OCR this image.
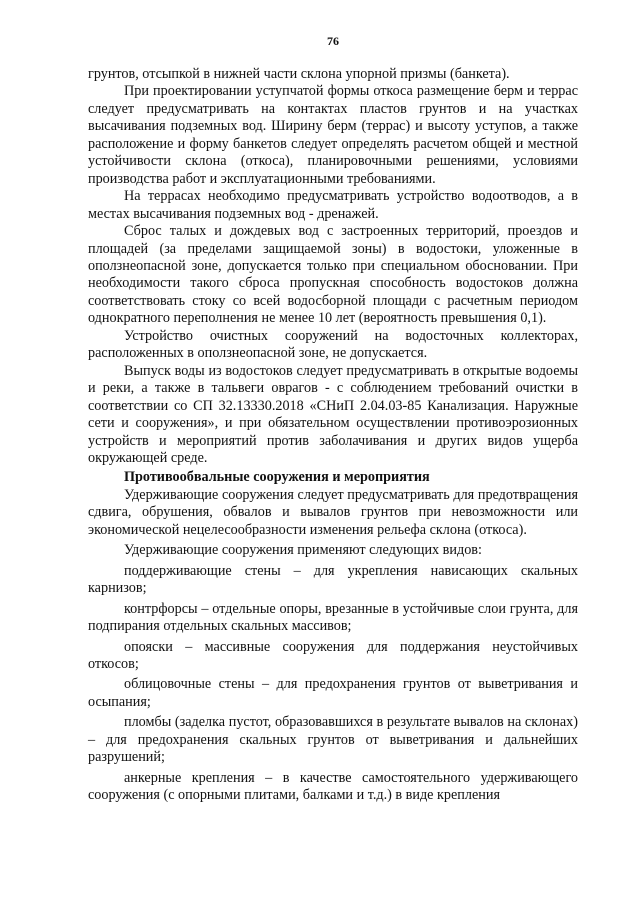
76

грунтов, отсыпкой в нижней части склона упорной призмы (банкета).

При проектировании уступчатой формы откоса размещение берм и террас следует предусматривать на контактах пластов грунтов и на участках высачивания подземных вод. Ширину берм (террас) и высоту уступов, а также расположение и форму банкетов следует определять расчетом общей и местной устойчивости склона (откоса), планировочными решениями, условиями производства работ и эксплуатационными требованиями.

На террасах необходимо предусматривать устройство водоотводов, а в местах высачивания подземных вод - дренажей.

Сброс талых и дождевых вод с застроенных территорий, проездов и площадей (за пределами защищаемой зоны) в водостоки, уложенные в оползнеопасной зоне, допускается только при специальном обосновании. При необходимости такого сброса пропускная способность водостоков должна соответствовать стоку со всей водосборной площади с расчетным периодом однократного переполнения не менее 10 лет (вероятность превышения 0,1).

Устройство очистных сооружений на водосточных коллекторах, расположенных в оползнеопасной зоне, не допускается.

Выпуск воды из водостоков следует предусматривать в открытые водоемы и реки, а также в тальвеги оврагов - с соблюдением требований очистки в соответствии со СП 32.13330.2018 «СНиП 2.04.03-85 Канализация. Наружные сети и сооружения», и при обязательном осуществлении противоэрозионных устройств и мероприятий против заболачивания и других видов ущерба окружающей среде.

Противообвальные сооружения и мероприятия

Удерживающие сооружения следует предусматривать для предотвращения сдвига, обрушения, обвалов и вывалов грунтов при невозможности или экономической нецелесообразности изменения рельефа склона (откоса).

Удерживающие сооружения применяют следующих видов:

поддерживающие стены – для укрепления нависающих скальных карнизов;

контрфорсы – отдельные опоры, врезанные в устойчивые слои грунта, для подпирания отдельных скальных массивов;

опояски – массивные сооружения для поддержания неустойчивых откосов;

облицовочные стены – для предохранения грунтов от выветривания и осыпания;

пломбы (заделка пустот, образовавшихся в результате вывалов на склонах) – для предохранения скальных грунтов от выветривания и дальнейших разрушений;

анкерные крепления – в качестве самостоятельного удерживающего сооружения (с опорными плитами, балками и т.д.) в виде крепления
